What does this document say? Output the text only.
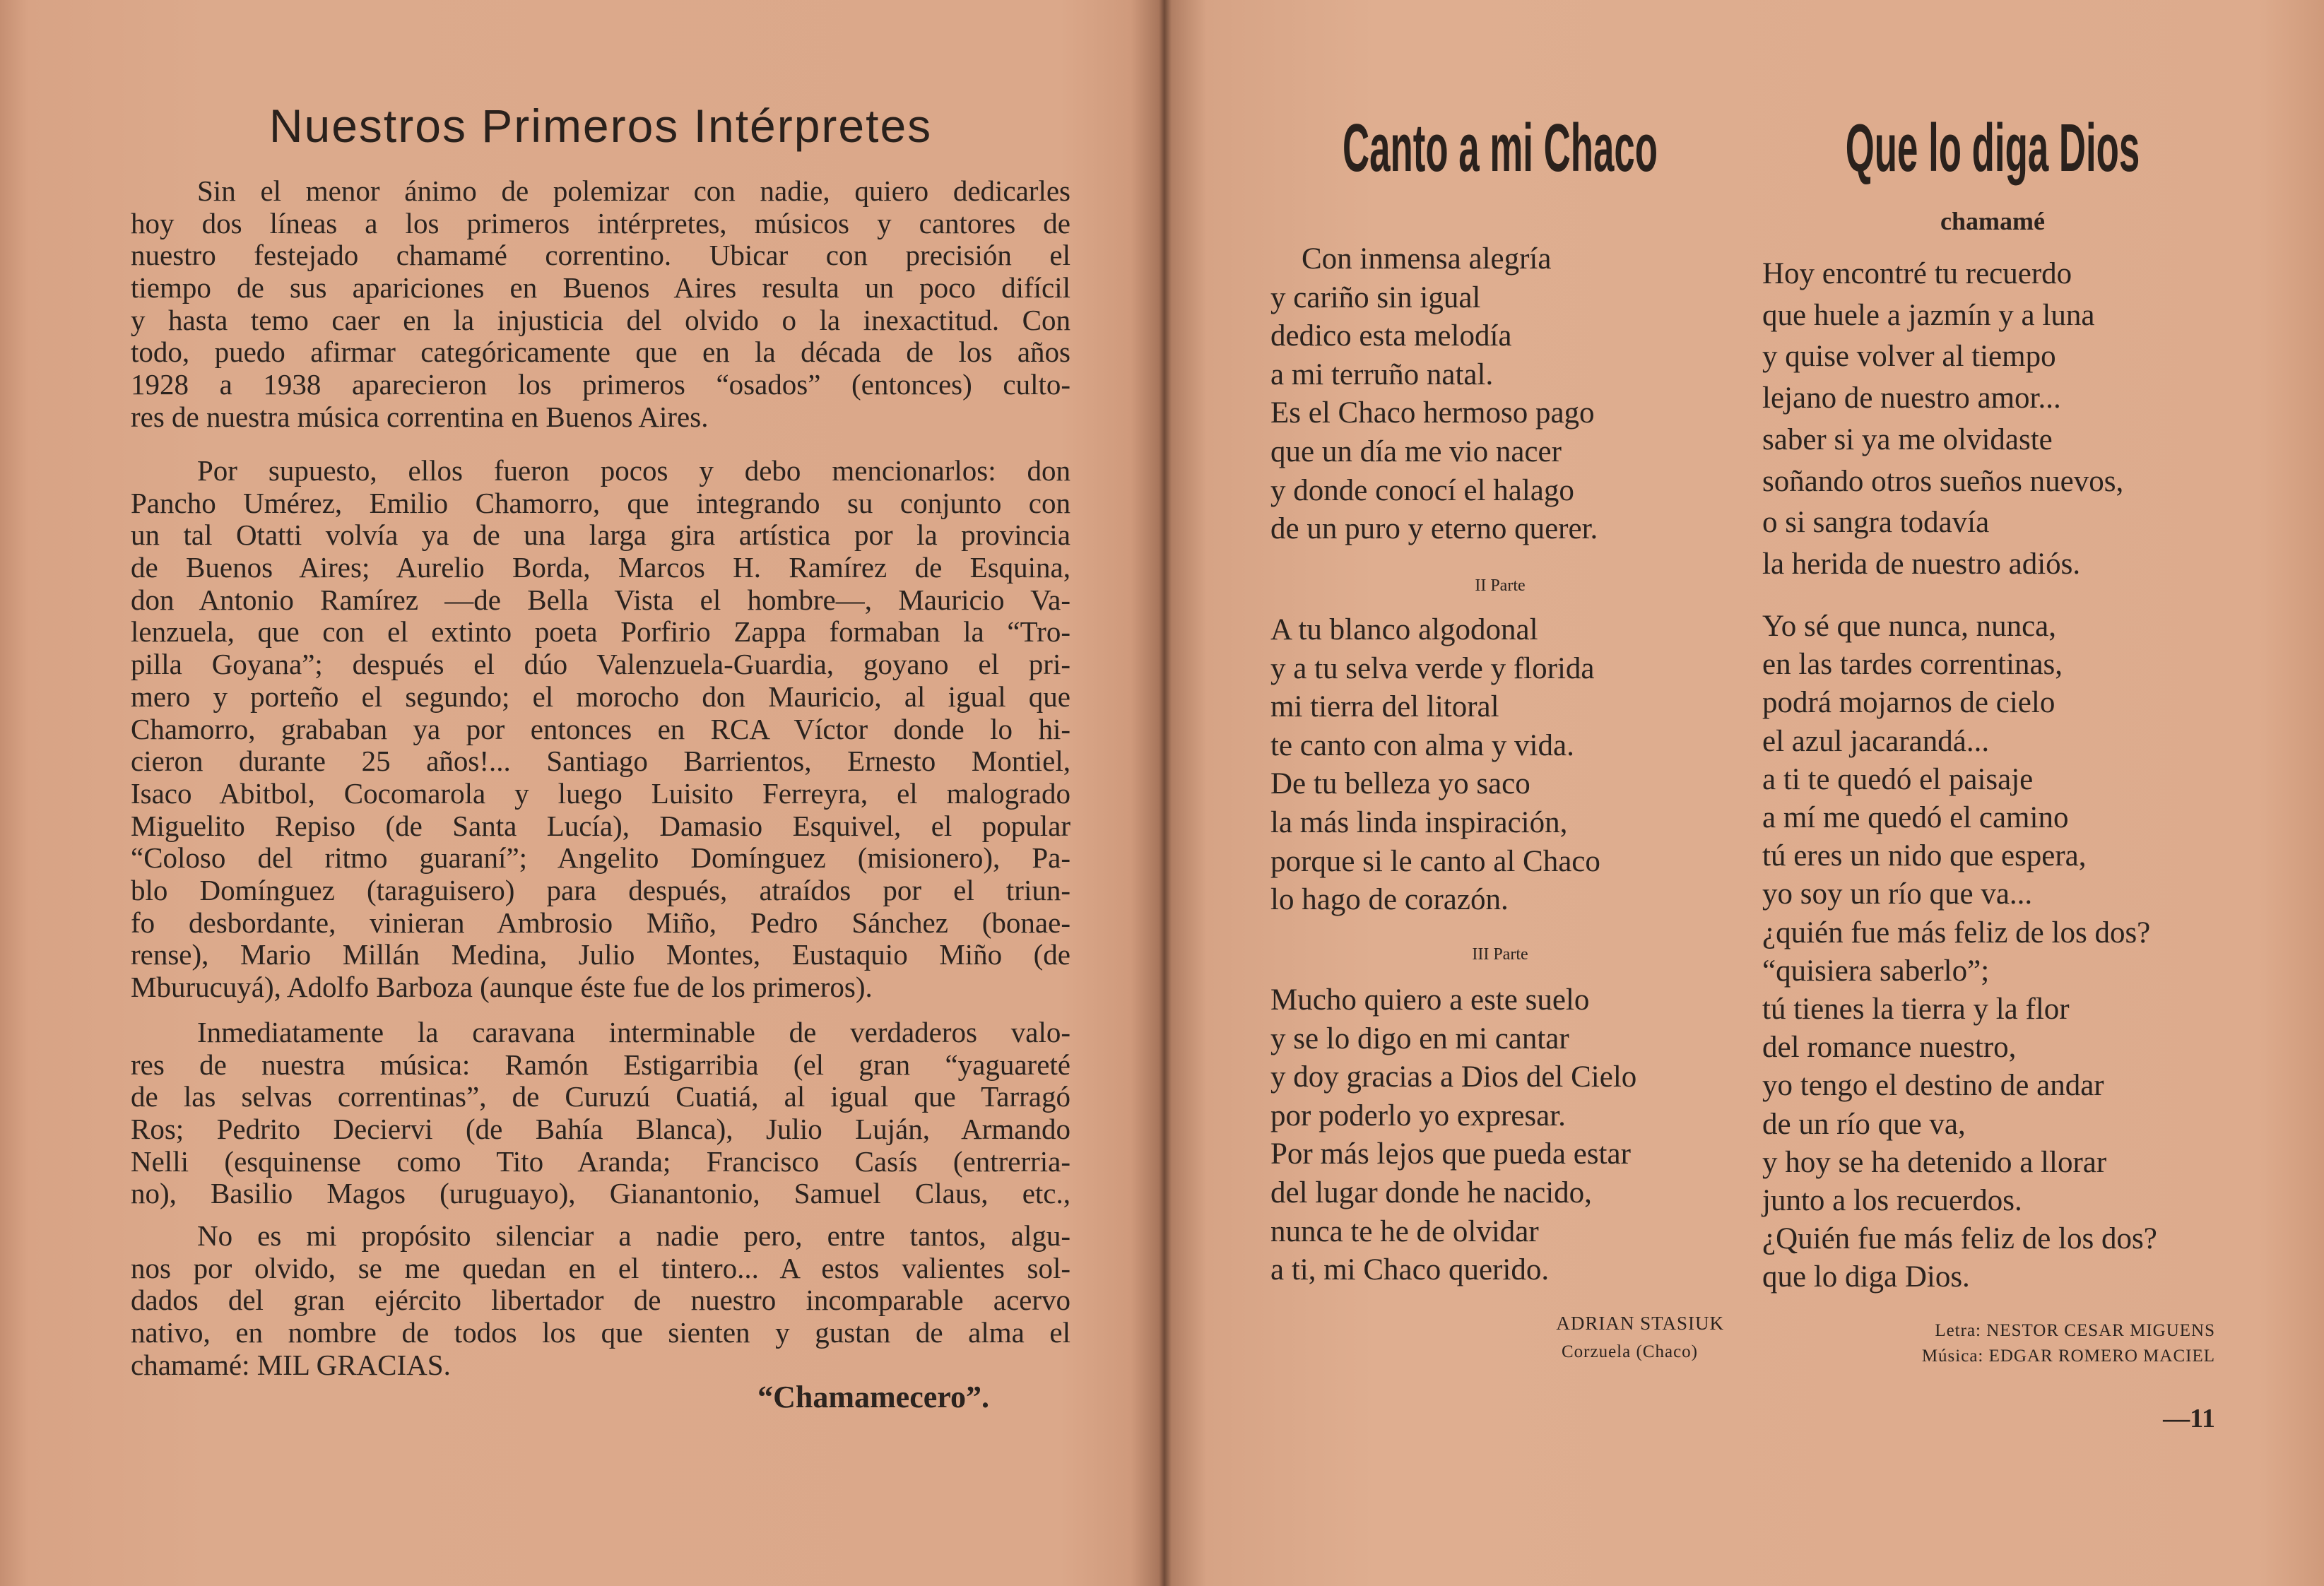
Nuestros Primeros Intérpretes
Sin el menor ánimo de polemizar con nadie, quiero dedicarles
hoy dos líneas a los primeros intérpretes, músicos y cantores de
nuestro festejado chamamé correntino. Ubicar con precisión el
tiempo de sus apariciones en Buenos Aires resulta un poco difícil
y hasta temo caer en la injusticia del olvido o la inexactitud. Con
todo, puedo afirmar categóricamente que en la década de los años
1928 a 1938 aparecieron los primeros “osados” (entonces) culto-
res de nuestra música correntina en Buenos Aires.
Por supuesto, ellos fueron pocos y debo mencionarlos: don
Pancho Umérez, Emilio Chamorro, que integrando su conjunto con
un tal Otatti volvía ya de una larga gira artística por la provincia
de Buenos Aires; Aurelio Borda, Marcos H. Ramírez de Esquina,
don Antonio Ramírez —de Bella Vista el hombre—, Mauricio Va-
lenzuela, que con el extinto poeta Porfirio Zappa formaban la “Tro-
pilla Goyana”; después el dúo Valenzuela-Guardia, goyano el pri-
mero y porteño el segundo; el morocho don Mauricio, al igual que
Chamorro, grababan ya por entonces en RCA Víctor donde lo hi-
cieron durante 25 años!... Santiago Barrientos, Ernesto Montiel,
Isaco Abitbol, Cocomarola y luego Luisito Ferreyra, el malogrado
Miguelito Repiso (de Santa Lucía), Damasio Esquivel, el popular
“Coloso del ritmo guaraní”; Angelito Domínguez (misionero), Pa-
blo Domínguez (taraguisero) para después, atraídos por el triun-
fo desbordante, vinieran Ambrosio Miño, Pedro Sánchez (bonae-
rense), Mario Millán Medina, Julio Montes, Eustaquio Miño (de
Mburucuyá), Adolfo Barboza (aunque éste fue de los primeros).
Inmediatamente la caravana interminable de verdaderos valo-
res de nuestra música: Ramón Estigarribia (el gran “yaguareté
de las selvas correntinas”, de Curuzú Cuatiá, al igual que Tarragó
Ros; Pedrito Deciervi (de Bahía Blanca), Julio Luján, Armando
Nelli (esquinense como Tito Aranda; Francisco Casís (entrerria-
no), Basilio Magos (uruguayo), Gianantonio, Samuel Claus, etc.,
No es mi propósito silenciar a nadie pero, entre tantos, algu-
nos por olvido, se me quedan en el tintero... A estos valientes sol-
dados del gran ejército libertador de nuestro incomparable acervo
nativo, en nombre de todos los que sienten y gustan de alma el
chamamé: MIL GRACIAS.
“Chamamecero”.
Canto a mi Chaco
Con inmensa alegría
y cariño sin igual
dedico esta melodía
a mi terruño natal.
Es el Chaco hermoso pago
que un día me vio nacer
y donde conocí el halago
de un puro y eterno querer.
II Parte
A tu blanco algodonal
y a tu selva verde y florida
mi tierra del litoral
te canto con alma y vida.
De tu belleza yo saco
la más linda inspiración,
porque si le canto al Chaco
lo hago de corazón.
III Parte
Mucho quiero a este suelo
y se lo digo en mi cantar
y doy gracias a Dios del Cielo
por poderlo yo expresar.
Por más lejos que pueda estar
del lugar donde he nacido,
nunca te he de olvidar
a ti, mi Chaco querido.
ADRIAN STASIUK
Corzuela (Chaco)
Que lo diga Dios
chamamé
Hoy encontré tu recuerdo
que huele a jazmín y a luna
y quise volver al tiempo
lejano de nuestro amor...
saber si ya me olvidaste
soñando otros sueños nuevos,
o si sangra todavía
la herida de nuestro adiós.
Yo sé que nunca, nunca,
en las tardes correntinas,
podrá mojarnos de cielo
el azul jacarandá...
a ti te quedó el paisaje
a mí me quedó el camino
tú eres un nido que espera,
yo soy un río que va...
¿quién fue más feliz de los dos?
“quisiera saberlo”;
tú tienes la tierra y la flor
del romance nuestro,
yo tengo el destino de andar
de un río que va,
y hoy se ha detenido a llorar
junto a los recuerdos.
¿Quién fue más feliz de los dos?
que lo diga Dios.
Letra: NESTOR CESAR MIGUENS
Música: EDGAR ROMERO MACIEL
—11
